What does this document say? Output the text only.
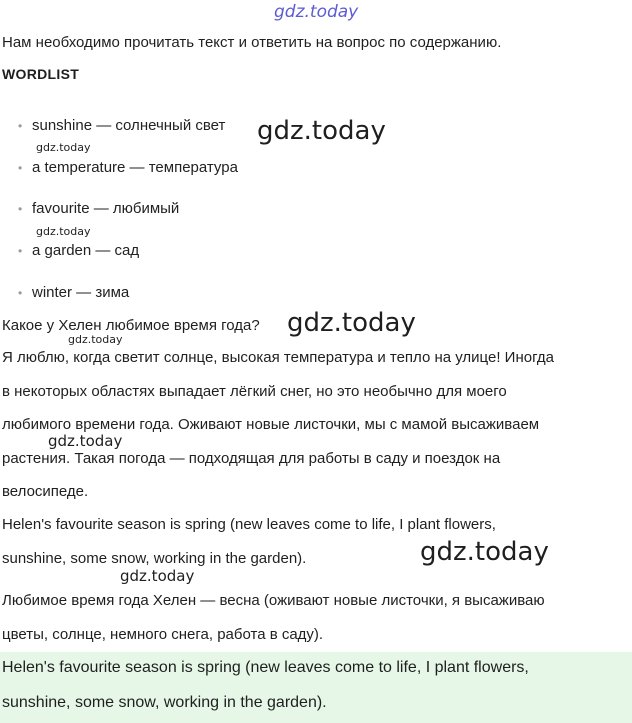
gdz.today
Нам необходимо прочитать текст и ответить на вопрос по содержанию.
WORDLIST
• sunshine — солнечный свет
• a temperature — температура
• favourite — любимый
• a garden — сад
• winter — зима
Какое у Хелен любимое время года?
Я люблю, когда светит солнце, высокая температура и тепло на улице! Иногда
в некоторых областях выпадает лёгкий снег, но это необычно для моего
любимого времени года. Оживают новые листочки, мы с мамой высаживаем
растения. Такая погода — подходящая для работы в саду и поездок на
велосипеде.
Helen's favourite season is spring (new leaves come to life, I plant flowers,
sunshine, some snow, working in the garden).
Любимое время года Хелен — весна (оживают новые листочки, я высаживаю
цветы, солнце, немного снега, работа в саду).
Helen's favourite season is spring (new leaves come to life, I plant flowers,
sunshine, some snow, working in the garden).
gdz.today
gdz.today
gdz.today
gdz.today
gdz.today
gdz.today
gdz.today
gdz.today
